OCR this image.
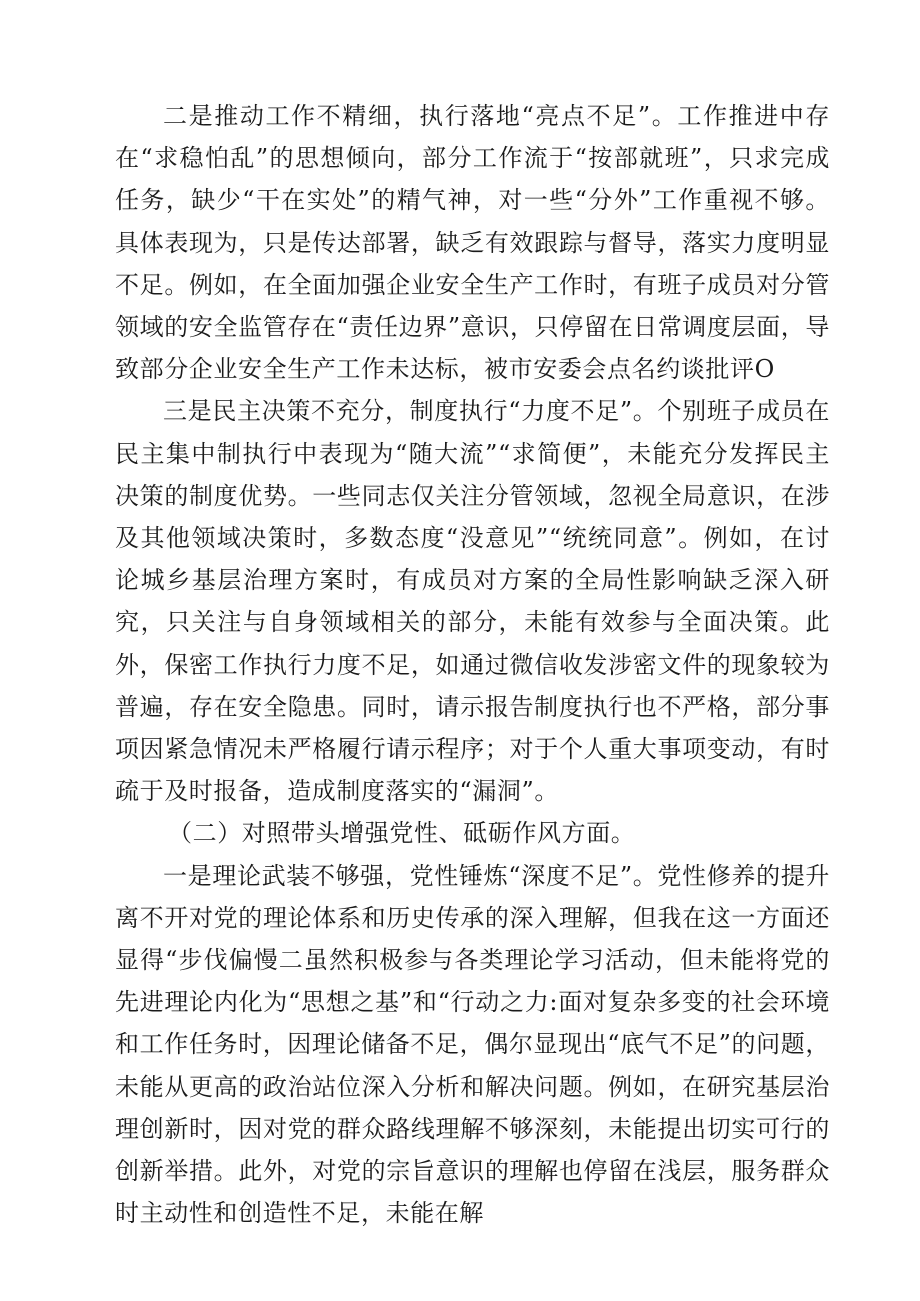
二是推动工作不精细，执行落地“亮点不足”。工作推进中存在“求稳怕乱”的思想倾向，部分工作流于“按部就班”，只求完成任务，缺少“干在实处”的精气神，对一些“分外”工作重视不够。具体表现为，只是传达部署，缺乏有效跟踪与督导，落实力度明显不足。例如，在全面加强企业安全生产工作时，有班子成员对分管领域的安全监管存在“责任边界”意识，只停留在日常调度层面，导致部分企业安全生产工作未达标，被市安委会点名约谈批评O

三是民主决策不充分，制度执行“力度不足”。个别班子成员在民主集中制执行中表现为“随大流”“求简便”，未能充分发挥民主决策的制度优势。一些同志仅关注分管领域，忽视全局意识，在涉及其他领域决策时，多数态度“没意见”“统统同意”。例如，在讨论城乡基层治理方案时，有成员对方案的全局性影响缺乏深入研究，只关注与自身领域相关的部分，未能有效参与全面决策。此外，保密工作执行力度不足，如通过微信收发涉密文件的现象较为普遍，存在安全隐患。同时，请示报告制度执行也不严格，部分事项因紧急情况未严格履行请示程序；对于个人重大事项变动，有时疏于及时报备，造成制度落实的“漏洞”。

（二）对照带头增强党性、砥砺作风方面。

一是理论武装不够强，党性锤炼“深度不足”。党性修养的提升离不开对党的理论体系和历史传承的深入理解，但我在这一方面还显得“步伐偏慢二虽然积极参与各类理论学习活动，但未能将党的先进理论内化为“思想之基”和“行动之力:面对复杂多变的社会环境和工作任务时，因理论储备不足，偶尔显现出“底气不足”的问题，未能从更高的政治站位深入分析和解决问题。例如，在研究基层治理创新时，因对党的群众路线理解不够深刻，未能提出切实可行的创新举措。此外，对党的宗旨意识的理解也停留在浅层，服务群众时主动性和创造性不足，未能在解
